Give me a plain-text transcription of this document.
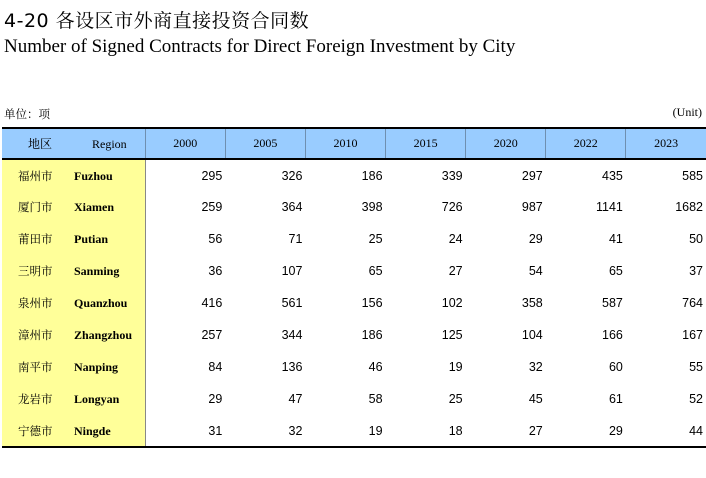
4-20 各设区市外商直接投资合同数
Number of Signed Contracts for Direct Foreign Investment by City
单位：项	(Unit)
地区 Region	2000	2005	2010	2015	2020	2022	2023
福州市 Fuzhou	295	326	186	339	297	435	585
厦门市 Xiamen	259	364	398	726	987	1141	1682
莆田市 Putian	56	71	25	24	29	41	50
三明市 Sanming	36	107	65	27	54	65	37
泉州市 Quanzhou	416	561	156	102	358	587	764
漳州市 Zhangzhou	257	344	186	125	104	166	167
南平市 Nanping	84	136	46	19	32	60	55
龙岩市 Longyan	29	47	58	25	45	61	52
宁德市 Ningde	31	32	19	18	27	29	44
